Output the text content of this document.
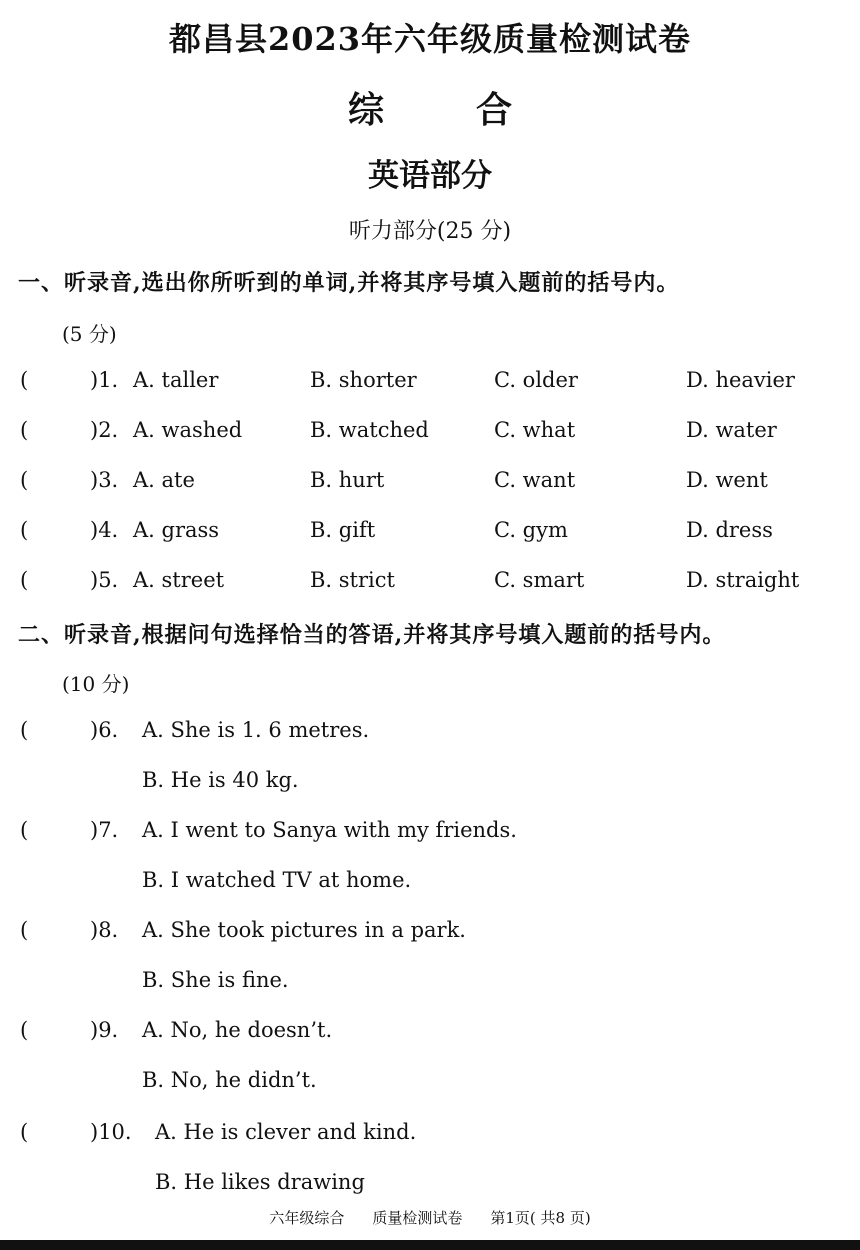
都昌县2023年六年级质量检测试卷
综	合
英语部分
听力部分(25 分)
一、听录音,选出你所听到的单词,并将其序号填入题前的括号内。
(5 分)
(	)1. A. taller	B. shorter	C. older	D. heavier
(	)2. A. washed	B. watched	C. what	D. water
(	)3. A. ate	B. hurt	C. want	D. went
(	)4. A. grass	B. gift	C. gym	D. dress
(	)5. A. street	B. strict	C. smart	D. straight
二、听录音,根据问句选择恰当的答语,并将其序号填入题前的括号内。
(10 分)
(	)6. A. She is 1. 6 metres.
B. He is 40 kg.
(	)7. A. I went to Sanya with my friends.
B. I watched TV at home.
(	)8. A. She took pictures in a park.
B. She is fine.
(	)9. A. No, he doesn’t.
B. No, he didn’t.
(	)10. A. He is clever and kind.
B. He likes drawing
六年级综合 质量检测试卷 第1页( 共8 页)
